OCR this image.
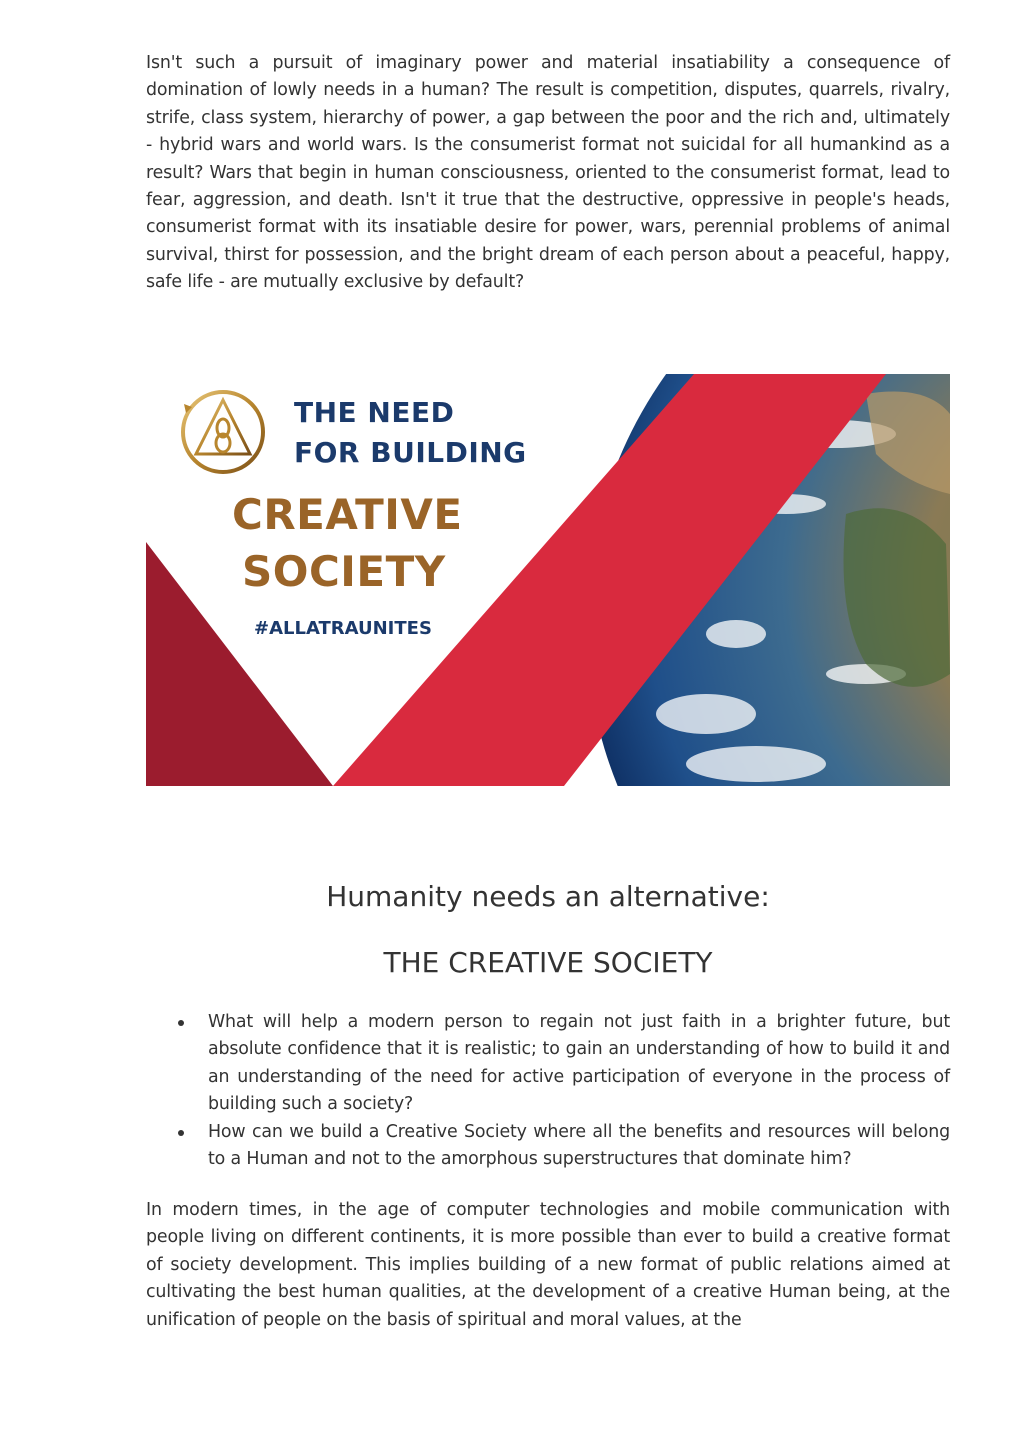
Isn't such a pursuit of imaginary power and material insatiability a consequence of domination of lowly needs in a human? The result is competition, disputes, quarrels, rivalry, strife, class system, hierarchy of power, a gap between the poor and the rich and, ultimately - hybrid wars and world wars. Is the consumerist format not suicidal for all humankind as a result? Wars that begin in human consciousness, oriented to the consumerist format, lead to fear, aggression, and death. Isn't it true that the destructive, oppressive in people's heads, consumerist format with its insatiable desire for power, wars, perennial problems of animal survival, thirst for possession, and the bright dream of each person about a peaceful, happy, safe life - are mutually exclusive by default?

THE NEED
FOR BUILDING
CREATIVE
SOCIETY
#ALLATRAUNITES
Humanity needs an alternative:
THE CREATIVE SOCIETY
What will help a modern person to regain not just faith in a brighter future, but absolute confidence that it is realistic; to gain an understanding of how to build it and an understanding of the need for active participation of everyone in the process of building such a society?
How can we build a Creative Society where all the benefits and resources will belong to a Human and not to the amorphous superstructures that dominate him?

In modern times, in the age of computer technologies and mobile communication with people living on different continents, it is more possible than ever to build a creative format of society development. This implies building of a new format of public relations aimed at cultivating the best human qualities, at the development of a creative Human being, at the unification of people on the basis of spiritual and moral values, at the
